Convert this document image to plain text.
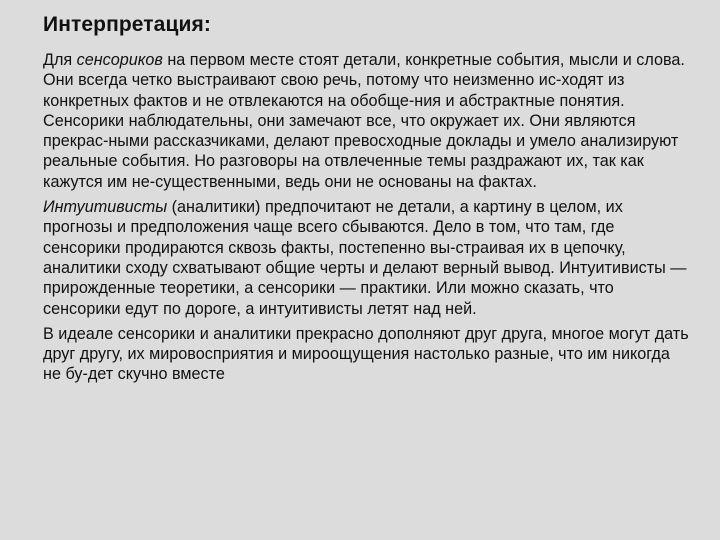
Интерпретация:

Для сенсориков на первом месте стоят детали, конкретные события, мысли и слова. Они всегда четко выстраивают свою речь, потому что неизменно ис-ходят из конкретных фактов и не отвлекаются на обобще-ния и абстрактные понятия. Сенсорики наблюдательны, они замечают все, что окружает их. Они являются прекрас-ными рассказчиками, делают превосходные доклады и умело анализируют реальные события. Но разговоры на отвлеченные темы раздражают их, так как кажутся им не-существенными, ведь они не основаны на фактах.

Интуитивисты (аналитики) предпочитают не детали, а картину в целом, их прогнозы и предположения чаще всего сбываются. Дело в том, что там, где сенсорики продираются сквозь факты, постепенно вы-страивая их в цепочку, аналитики сходу схватывают общие черты и делают верный вывод. Интуитивисты — прирожденные теоретики, а сенсорики — практики. Или можно сказать, что сенсорики едут по дороге, а интуитивисты летят над ней.

В идеале сенсорики и аналитики прекрасно дополняют друг друга, многое могут дать друг другу, их мировосприятия и мироощущения настолько разные, что им никогда не бу-дет скучно вместе
